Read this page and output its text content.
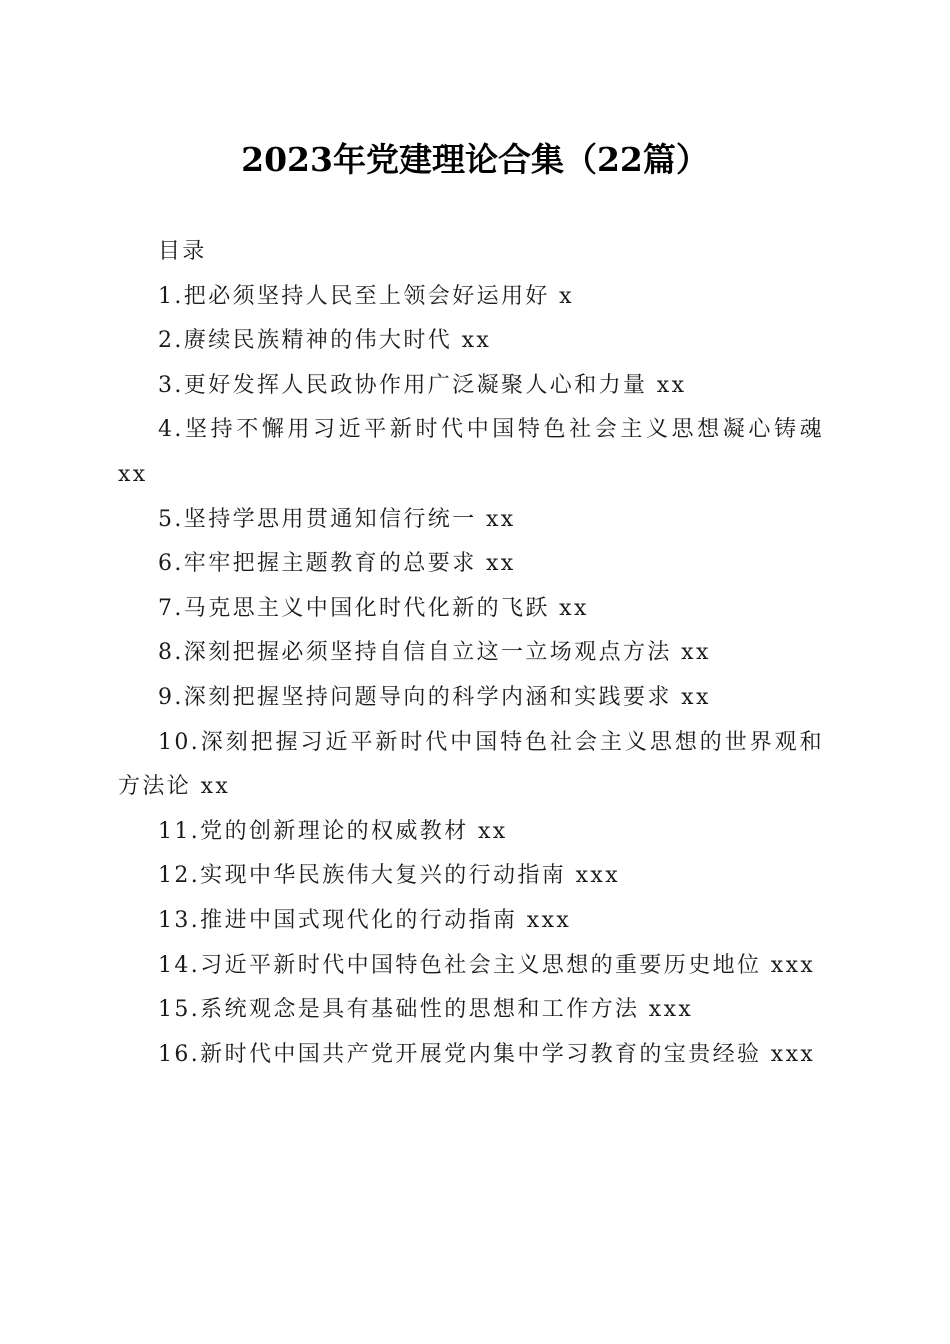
2023年党建理论合集（22篇）

目录

1.把必须坚持人民至上领会好运用好 x

2.赓续民族精神的伟大时代 xx

3.更好发挥人民政协作用广泛凝聚人心和力量 xx

4.坚持不懈用习近平新时代中国特色社会主义思想凝心铸魂 xx

5.坚持学思用贯通知信行统一 xx

6.牢牢把握主题教育的总要求 xx

7.马克思主义中国化时代化新的飞跃 xx

8.深刻把握必须坚持自信自立这一立场观点方法 xx

9.深刻把握坚持问题导向的科学内涵和实践要求 xx

10.深刻把握习近平新时代中国特色社会主义思想的世界观和方法论 xx

11.党的创新理论的权威教材 xx

12.实现中华民族伟大复兴的行动指南 xxx

13.推进中国式现代化的行动指南 xxx

14.习近平新时代中国特色社会主义思想的重要历史地位 xxx

15.系统观念是具有基础性的思想和工作方法 xxx

16.新时代中国共产党开展党内集中学习教育的宝贵经验 xxx
